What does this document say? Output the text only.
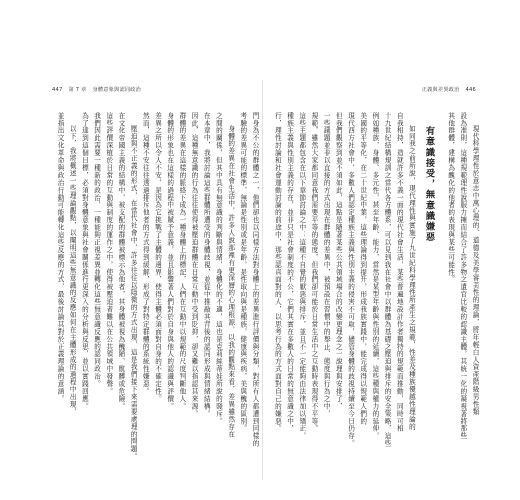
447 第 7 章 身體意象與認同政治	正義與差異政治 446
現代科學理性於意志中萬心理的、道德及美學審美性的理論，將年輕白人資產階級男性類
設為准則，這種規範理性說服力擁而結合了許多物之遺官比較的認識主體，其統一化的凝視著將那些
其他群體，建構為醜化的他者的表現與某些可能性。
有意識接受，無意識嫌惡
如同我之前所說，現代理性與實施了九世紀科學理性所產生之規範，性差及種族優越性理論的
自我相持，造就許多不義一面的現代社會生活，某些普遍地設計作者獨特的規範而推動，同時可相
十九世紀結構規訓之當代各方體系，可以見到我在社會中以群體為基礎之壓迫與排斥的安全策略，這些
例如種族，身體、多元性，甚至年齡、能力，當然是某型年齡與性別的延續，這些種與權力的延伸，
美國的平等化，在二十世紀中葉，這些理論得到提升，形成我族實踐中，能完成得以規範人們的
現代西方社會中，多數人們認定種族主義與性別主義的侵害不可取，儘管身體的歧視持續至今日仍存。
但我們觀察到並不須如此，這點是隨著某些公共領域場合的改變更理念之一說理與安排了，
一些議題並非以直接的方式出現在群體的差異中，被預設在習慣中的舉止、態度與行為之中，
規範，雖然大家都同意我們需要平等的態度，但我們卻可能於日常生活中之互動時表現得不平等。
這些主題都包含在以下章節討論之中：這種不自覺的厭惡與排斥，並且不一定能夠由法律加以矯正，
種族主義與性別主義的存在，並非只是社會制度的不公，它們其實在多數人的日常的無意識之中，
行，理性討論和社會運動討論的前途中，那些認真面對的人，以思考行為的方式面對自己的嫌惡。
門身為不公的群體之一，他們卻也以同樣方法對身體上的差異進行評價與分類，對所有人都遭到同樣的
考驗的差異可能的標準，無論是性別或是年齡，是性取向與是種族，健康與疾病，美與醜的區別。
身體的差異在社會生活中，許多人說那裡有更深層的心理根源，以我的觀點來看，差異雖然存在
之間的關係，但其中具有無意識的判斷與情緒，身體化的不適，這也是克莉絲蒂娃所說的賤斥。
在本章中，我將討論這些群體所遭受的身體歧視，並從中推敲其背後的認同形成與情緒結構。
因此，這種無意識的行為往往使得被壓迫群體在日常互動中受到貶抑，卻又難以指認其來源。
群體的差異在這樣的脈絡下成為一種身體上的標記，人們在互動中以規範的尺度判斷他人。
身體的形象也在這樣的過程中被賦予意義，並且影響著人們對於自身與他人的認識與評價。
差異之所以令人不安，是因為它挑戰了主體的邊界，使得主體必須面對自身的不確定性。
然而，這種不安往往透過排斥他者的方式得到緩解，形成了對特定群體的系統性嫌惡。
壓迫與不正義的形式，在當代社會中，許多往往以隱微的方式出現，這是我們接下來需要處理的問題。
在文化帝國主義的結構中，被支配的群體被標示為他者，其身體被視為醜陋、骯髒或危險。
這些評價深植於日常的互動與制度的運作之中，使得被壓迫者難以在公共領域中發聲。
我們因此需要一種新的政治，一種能夠正視差異並轉化這些無意識反應的認同政治。
為了達到這個目標，必須對身體意象與社會關係進行更深入的分析與反思，並以實踐回應。
以下，我將概述一些理論觀點，以闡明這些無意識的反應如何在主體形成的過程中出現，
並指出文化革命與政治行動可能轉化這些反應的方式，最後討論其對於正義理論的意涵。
